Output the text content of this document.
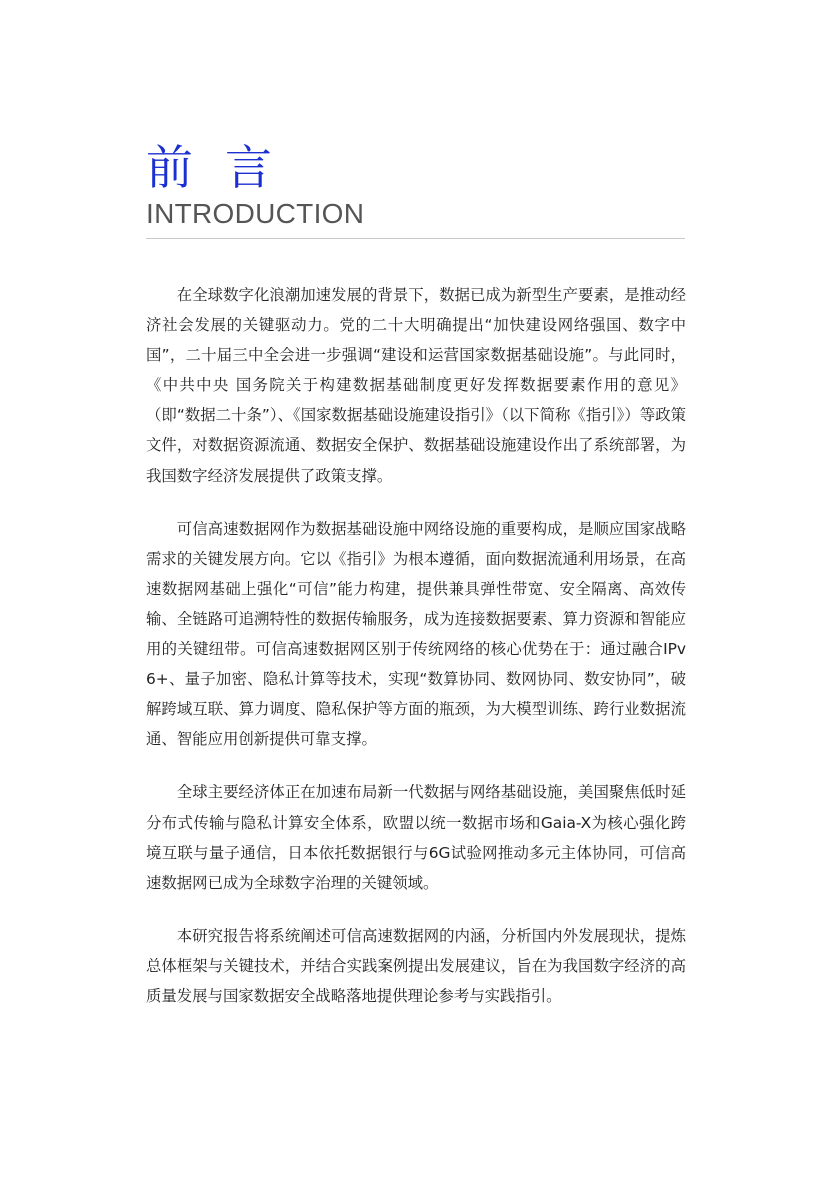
前言
INTRODUCTION

在全球数字化浪潮加速发展的背景下，数据已成为新型生产要素，是推动经济社会发展的关键驱动力。党的二十大明确提出“加快建设网络强国、数字中国”，二十届三中全会进一步强调“建设和运营国家数据基础设施”。与此同时，《中共中央 国务院关于构建数据基础制度更好发挥数据要素作用的意见》（即“数据二十条”）、《国家数据基础设施建设指引》（以下简称《指引》）等政策文件，对数据资源流通、数据安全保护、数据基础设施建设作出了系统部署，为我国数字经济发展提供了政策支撑。

可信高速数据网作为数据基础设施中网络设施的重要构成，是顺应国家战略需求的关键发展方向。它以《指引》为根本遵循，面向数据流通利用场景，在高速数据网基础上强化“可信”能力构建，提供兼具弹性带宽、安全隔离、高效传输、全链路可追溯特性的数据传输服务，成为连接数据要素、算力资源和智能应用的关键纽带。可信高速数据网区别于传统网络的核心优势在于：通过融合IPv6+、量子加密、隐私计算等技术，实现“数算协同、数网协同、数安协同”，破解跨域互联、算力调度、隐私保护等方面的瓶颈，为大模型训练、跨行业数据流通、智能应用创新提供可靠支撑。

全球主要经济体正在加速布局新一代数据与网络基础设施，美国聚焦低时延分布式传输与隐私计算安全体系，欧盟以统一数据市场和Gaia-X为核心强化跨境互联与量子通信，日本依托数据银行与6G试验网推动多元主体协同，可信高速数据网已成为全球数字治理的关键领域。

本研究报告将系统阐述可信高速数据网的内涵，分析国内外发展现状，提炼总体框架与关键技术，并结合实践案例提出发展建议，旨在为我国数字经济的高质量发展与国家数据安全战略落地提供理论参考与实践指引。
